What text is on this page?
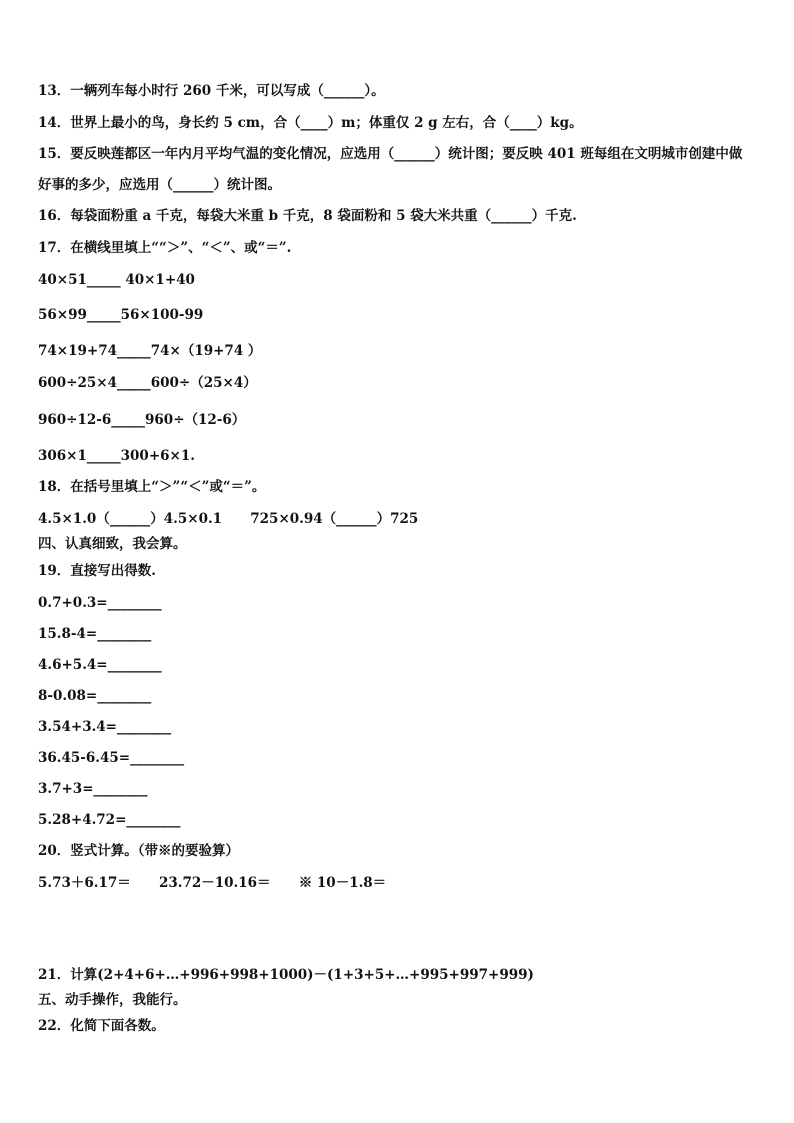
13．一辆列车每小时行 260 千米，可以写成（______）。
14．世界上最小的鸟，身长约 5 cm，合（____）m；体重仅 2 g 左右，合（____）kg。
15．要反映莲都区一年内月平均气温的变化情况，应选用（______）统计图；要反映 401 班每组在文明城市创建中做
好事的多少，应选用（______）统计图。
16．每袋面粉重 a 千克，每袋大米重 b 千克，8 袋面粉和 5 袋大米共重（______）千克.
17．在横线里填上““＞”、“＜”、或“＝”.
40×51_____ 40×1+40
56×99_____56×100-99
74×19+74_____74×（19+74 ）
600÷25×4_____600÷（25×4）
960÷12-6_____960÷（12-6）
306×1_____300+6×1.
18．在括号里填上“＞”“＜”或“＝”。
4.5×1.0（______）4.5×0.1      725×0.94（______）725
四、认真细致，我会算。
19．直接写出得数.
0.7+0.3=________
15.8-4=________
4.6+5.4=________
8-0.08=________
3.54+3.4=________
36.45-6.45=________
3.7+3=________
5.28+4.72=________
20．竖式计算。（带※的要验算）
5.73＋6.17＝      23.72－10.16＝      ※ 10－1.8＝
21．计算(2+4+6+…+996+998+1000)－(1+3+5+…+995+997+999)
五、动手操作，我能行。
22．化简下面各数。
